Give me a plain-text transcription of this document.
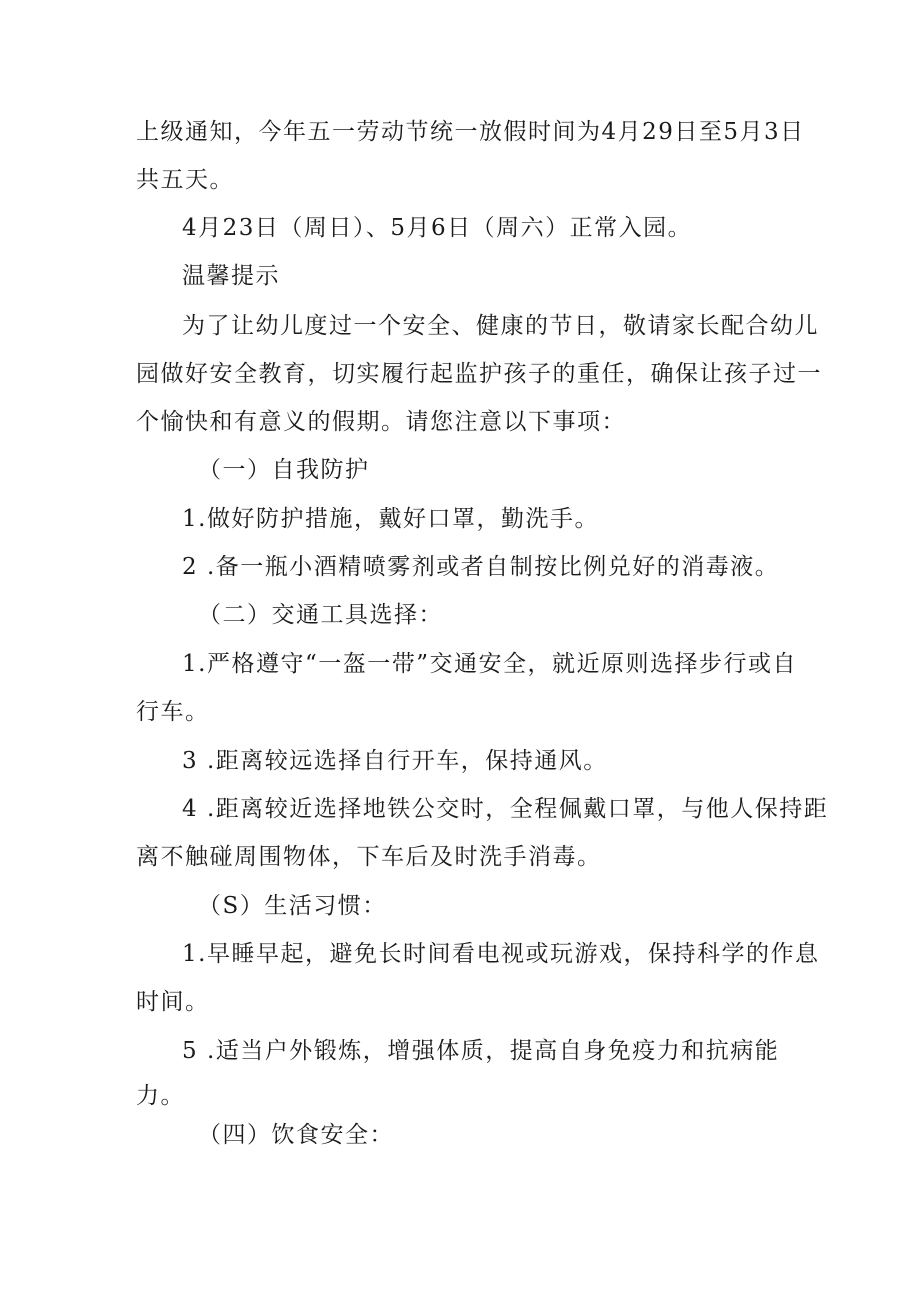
上级通知，今年五一劳动节统一放假时间为4月29日至5月3日
共五天。
4月23日（周日）、5月6日（周六）正常入园。
温馨提示
为了让幼儿度过一个安全、健康的节日，敬请家长配合幼儿
园做好安全教育，切实履行起监护孩子的重任，确保让孩子过一
个愉快和有意义的假期。请您注意以下事项：
（一）自我防护
1.做好防护措施，戴好口罩，勤洗手。
2 .备一瓶小酒精喷雾剂或者自制按比例兑好的消毒液。
（二）交通工具选择：
1.严格遵守“一盔一带”交通安全，就近原则选择步行或自
行车。
3 .距离较远选择自行开车，保持通风。
4 .距离较近选择地铁公交时，全程佩戴口罩，与他人保持距
离不触碰周围物体，下车后及时洗手消毒。
（S）生活习惯：
1.早睡早起，避免长时间看电视或玩游戏，保持科学的作息
时间。
5 .适当户外锻炼，增强体质，提高自身免疫力和抗病能
力。
（四）饮食安全：
